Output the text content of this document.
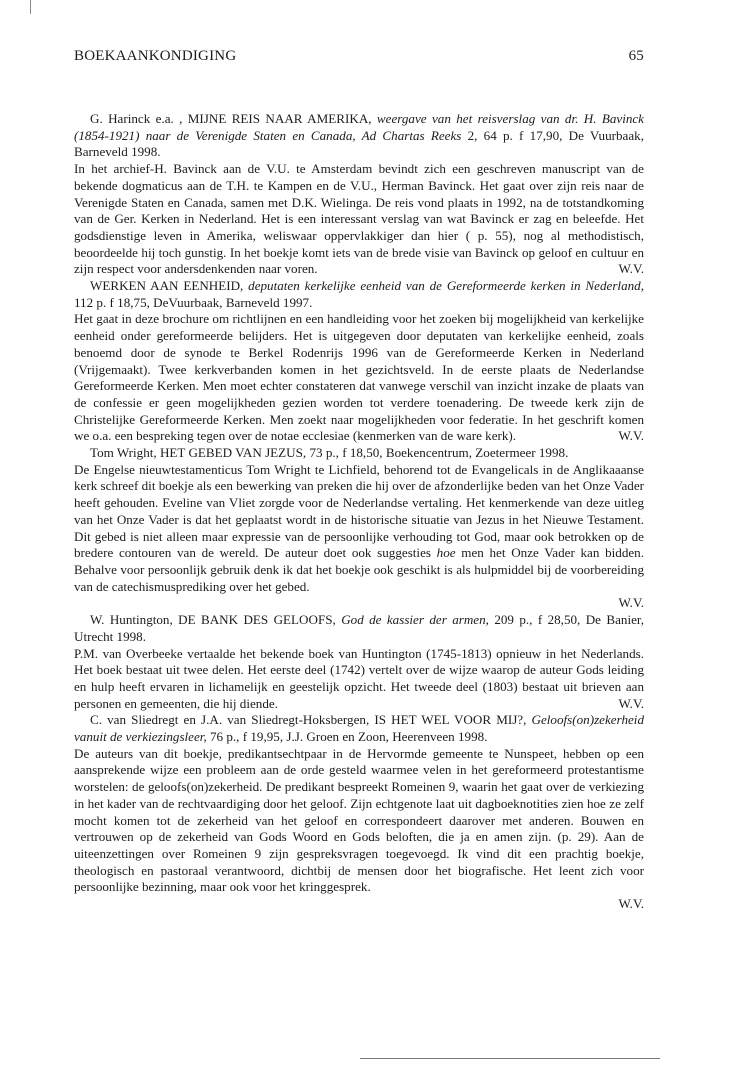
BOEKAANKONDIGING	65

G. Harinck e.a. , MIJNE REIS NAAR AMERIKA, weergave van het reisverslag van dr. H. Bavinck (1854-1921) naar de Verenigde Staten en Canada, Ad Chartas Reeks 2, 64 p. f 17,90, De Vuurbaak, Barneveld 1998.

In het archief-H. Bavinck aan de V.U. te Amsterdam bevindt zich een geschreven manuscript van de bekende dogmaticus aan de T.H. te Kampen en de V.U., Herman Bavinck. Het gaat over zijn reis naar de Verenigde Staten en Canada, samen met D.K. Wielinga. De reis vond plaats in 1992, na de totstandkoming van de Ger. Kerken in Nederland. Het is een interessant verslag van wat Bavinck er zag en beleefde. Het godsdienstige leven in Amerika, weliswaar oppervlakkiger dan hier ( p. 55), nog al methodistisch, beoordeelde hij toch gunstig. In het boekje komt iets van de brede visie van Bavinck op geloof en cultuur en zijn respect voor andersdenkenden naar voren.	W.V.

WERKEN AAN EENHEID, deputaten kerkelijke eenheid van de Gereformeerde kerken in Nederland, 112 p. f 18,75, DeVuurbaak, Barneveld 1997.

Het gaat in deze brochure om richtlijnen en een handleiding voor het zoeken bij mogelijkheid van kerkelijke eenheid onder gereformeerde belijders. Het is uitgegeven door deputaten van kerkelijke eenheid, zoals benoemd door de synode te Berkel Rodenrijs 1996 van de Gereformeerde Kerken in Nederland (Vrijgemaakt). Twee kerkverbanden komen in het gezichtsveld. In de eerste plaats de Nederlandse Gereformeerde Kerken. Men moet echter constateren dat vanwege verschil van inzicht inzake de plaats van de confessie er geen mogelijkheden gezien worden tot verdere toenadering. De tweede kerk zijn de Christelijke Gereformeerde Kerken. Men zoekt naar mogelijkheden voor federatie. In het geschrift komen we o.a. een bespreking tegen over de notae ecclesiae (kenmerken van de ware kerk).	W.V.

Tom Wright, HET GEBED VAN JEZUS, 73 p., f 18,50, Boekencentrum, Zoetermeer 1998.

De Engelse nieuwtestamenticus Tom Wright te Lichfield, behorend tot de Evangelicals in de Anglikaaanse kerk schreef dit boekje als een bewerking van preken die hij over de afzonderlijke beden van het Onze Vader heeft gehouden. Eveline van Vliet zorgde voor de Nederlandse vertaling. Het kenmerkende van deze uitleg van het Onze Vader is dat het geplaatst wordt in de historische situatie van Jezus in het Nieuwe Testament. Dit gebed is niet alleen maar expressie van de persoonlijke verhouding tot God, maar ook betrokken op de bredere contouren van de wereld. De auteur doet ook suggesties hoe men het Onze Vader kan bidden. Behalve voor persoonlijk gebruik denk ik dat het boekje ook geschikt is als hulpmiddel bij de voorbereiding van de catechismusprediking over het gebed.

W.V.

W. Huntington, DE BANK DES GELOOFS, God de kassier der armen, 209 p., f 28,50, De Banier, Utrecht 1998.

P.M. van Overbeeke vertaalde het bekende boek van Huntington (1745-1813) opnieuw in het Nederlands. Het boek bestaat uit twee delen. Het eerste deel (1742) vertelt over de wijze waarop de auteur Gods leiding en hulp heeft ervaren in lichamelijk en geestelijk opzicht. Het tweede deel (1803) bestaat uit brieven aan personen en gemeenten, die hij diende.	W.V.

C. van Sliedregt en J.A. van Sliedregt-Hoksbergen, IS HET WEL VOOR MIJ?, Geloofs(on)zekerheid vanuit de verkiezingsleer, 76 p., f 19,95, J.J. Groen en Zoon, Heerenveen 1998.

De auteurs van dit boekje, predikantsechtpaar in de Hervormde gemeente te Nunspeet, hebben op een aansprekende wijze een probleem aan de orde gesteld waarmee velen in het gereformeerd protestantisme worstelen: de geloofs(on)zekerheid. De predikant bespreekt Romeinen 9, waarin het gaat over de verkiezing in het kader van de rechtvaardiging door het geloof. Zijn echtgenote laat uit dagboeknotities zien hoe ze zelf mocht komen tot de zekerheid van het geloof en correspondeert daarover met anderen. Bouwen en vertrouwen op de zekerheid van Gods Woord en Gods beloften, die ja en amen zijn. (p. 29). Aan de uiteenzettingen over Romeinen 9 zijn gespreksvragen toegevoegd. Ik vind dit een prachtig boekje, theologisch en pastoraal verantwoord, dichtbij de mensen door het biografische. Het leent zich voor persoonlijke bezinning, maar ook voor het kringgesprek.

W.V.
